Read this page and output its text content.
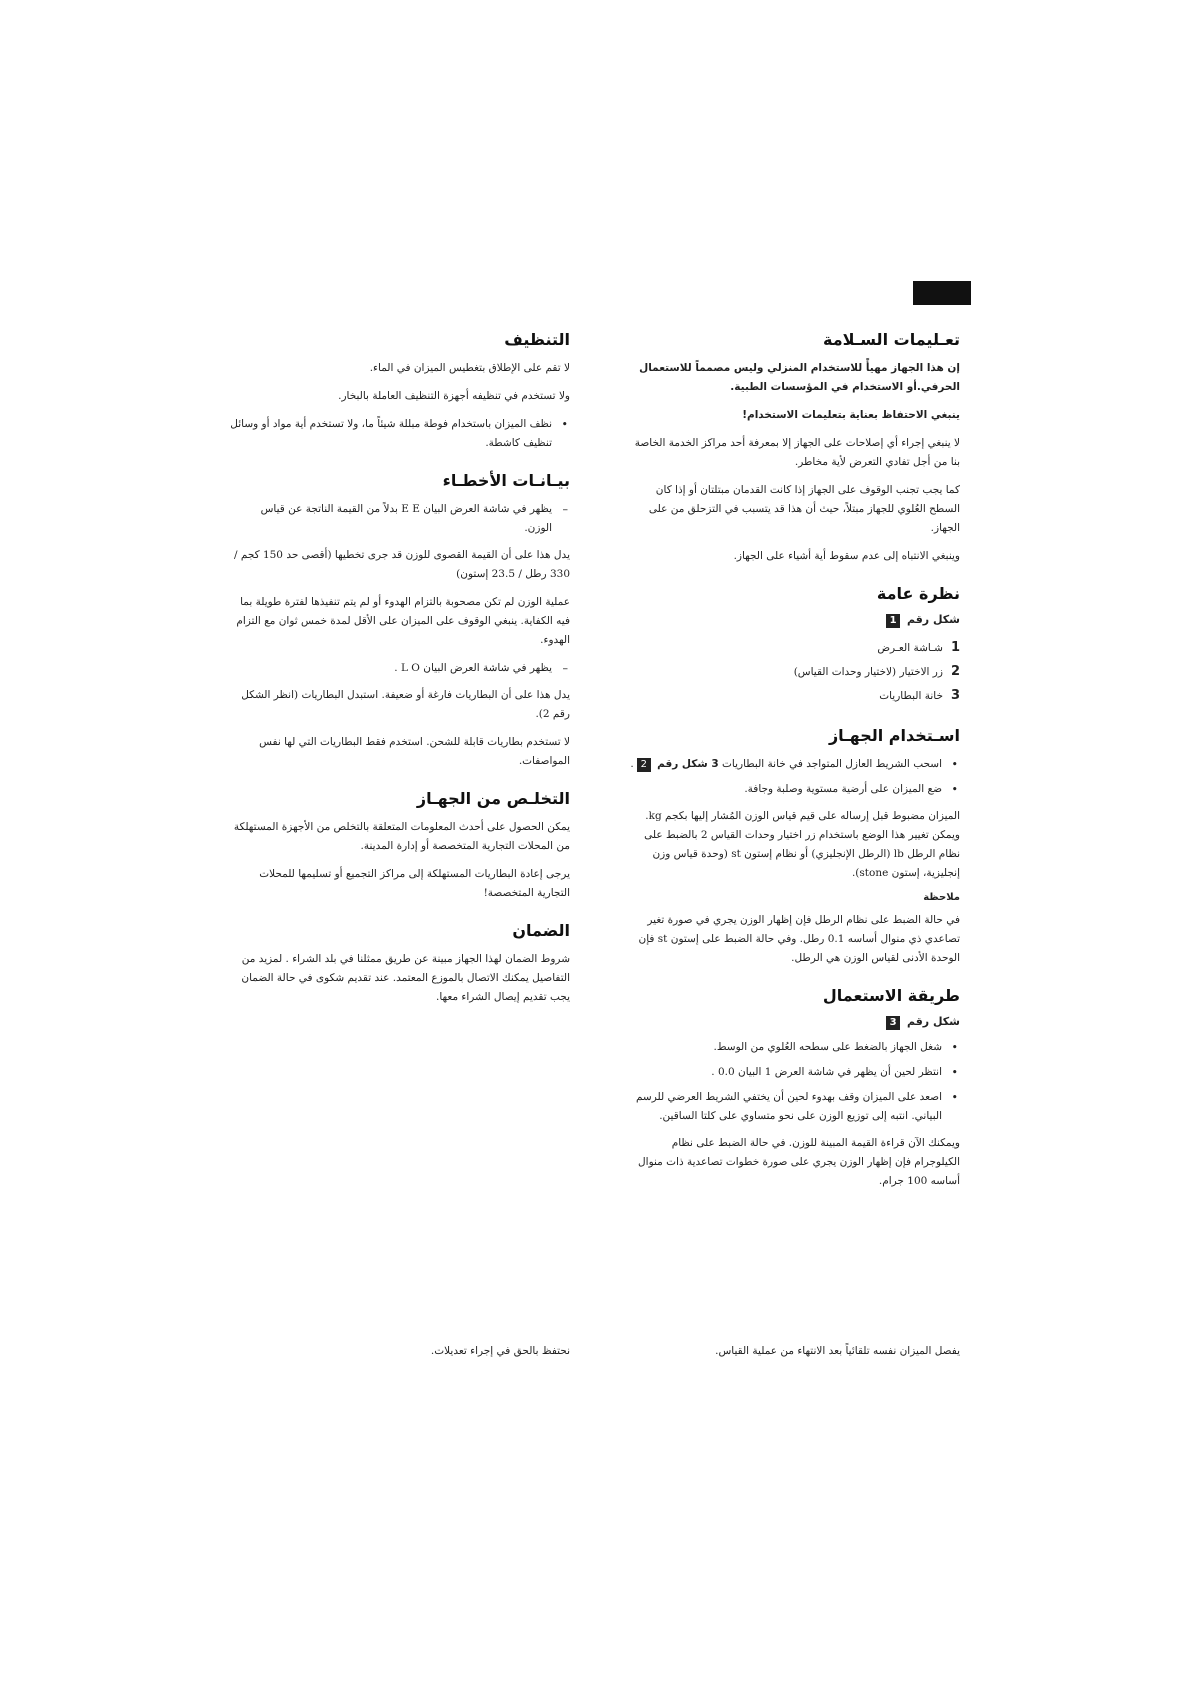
تعـليمات السـلامة

إن هذا الجهاز مهيأً للاستخدام المنزلي وليس مصمماً للاستعمال الحرفي.أو الاستخدام في المؤسسات الطبية.

ينبغي الاحتفاظ بعناية بتعليمات الاستخدام!

لا ينبغي إجراء أي إصلاحات على الجهاز إلا بمعرفة أحد مراكز الخدمة الخاصة بنا من أجل تفادي التعرض لأية مخاطر.

كما يجب تجنب الوقوف على الجهاز إذا كانت القدمان مبتلتان أو إذا كان السطح العُلوي للجهاز مبتلاً، حيث أن هذا قد يتسبب في التزحلق من على الجهاز.

وينبغي الانتباه إلى عدم سقوط أية أشياء على الجهاز.

نظرة عامة
شكل رقم 1
1شـاشة العـرض
2زر الاختيار (لاختيار وحدات القياس)
3خانة البطاريات
اسـتخدام الجهـاز
• اسحب الشريط العازل المتواجد في خانة البطاريات 3 شكل رقم 2.
• ضع الميزان على أرضية مستوية وصلبة وجافة.

الميزان مضبوط قبل إرساله على قيم قياس الوزن المُشار إليها بكجم kg. ويمكن تغيير هذا الوضع باستخدام زر اختيار وحدات القياس 2 بالضبط على نظام الرطل lb (الرطل الإنجليزي) أو نظام إستون st (وحدة قياس وزن إنجليزية، إستون stone).

ملاحظة

في حالة الضبط على نظام الرطل فإن إظهار الوزن يجري في صورة تغير تصاعدي ذي منوال أساسه 0.1 رطل. وفي حالة الضبط على إستون st فإن الوحدة الأدنى لقياس الوزن هي الرطل.

طريقة الاستعمال
شكل رقم 3
• شغل الجهاز بالضغط على سطحه العُلوي من الوسط.
• انتظر لحين أن يظهر في شاشة العرض 1 البيان 0.0 .
• اصعد على الميزان وقف بهدوء لحين أن يختفي الشريط العرضي للرسم البياني. انتبه إلى توزيع الوزن على نحو متساوي على كلتا الساقين.

ويمكنك الآن قراءة القيمة المبينة للوزن. في حالة الضبط على نظام الكيلوجرام فإن إظهار الوزن يجري على صورة خطوات تصاعدية ذات منوال أساسه 100 جرام.

التنظيف

لا تقم على الإطلاق بتغطيس الميزان في الماء.

ولا تستخدم في تنظيفه أجهزة التنظيف العاملة بالبخار.

• نظف الميزان باستخدام فوطة مبللة شيئاً ما، ولا تستخدم أية مواد أو وسائل تنظيف كاشطة.
بيـانـات الأخطـاء
– يظهر في شاشة العرض البيان E E بدلاً من القيمة الناتجة عن قياس الوزن.

يدل هذا على أن القيمة القصوى للوزن قد جرى تخطيها (أقصى حد 150 كجم / 330 رطل / 23.5 إستون)

عملية الوزن لم تكن مصحوبة بالتزام الهدوء أو لم يتم تنفيذها لفترة طويلة بما فيه الكفاية. ينبغي الوقوف على الميزان على الأقل لمدة خمس ثوان مع التزام الهدوء.

– يظهر في شاشة العرض البيان L O .

يدل هذا على أن البطاريات فارغة أو ضعيفة. استبدل البطاريات (انظر الشكل رقم 2).

لا تستخدم بطاريات قابلة للشحن. استخدم فقط البطاريات التي لها نفس المواصفات.

التخلـص من الجهـاز

يمكن الحصول على أحدث المعلومات المتعلقة بالتخلص من الأجهزة المستهلكة من المحلات التجارية المتخصصة أو إدارة المدينة.

يرجى إعادة البطاريات المستهلكة إلى مراكز التجميع أو تسليمها للمحلات التجارية المتخصصة!

الضمان

شروط الضمان لهذا الجهاز مبينة عن طريق ممثلنا في بلد الشراء . لمزيد من التفاصيل يمكنك الاتصال بالموزع المعتمد. عند تقديم شكوى في حالة الضمان يجب تقديم إيصال الشراء معها.

يفصل الميزان نفسه تلقائياً بعد الانتهاء من عملية القياس.
نحتفظ بالحق في إجراء تعديلات.
